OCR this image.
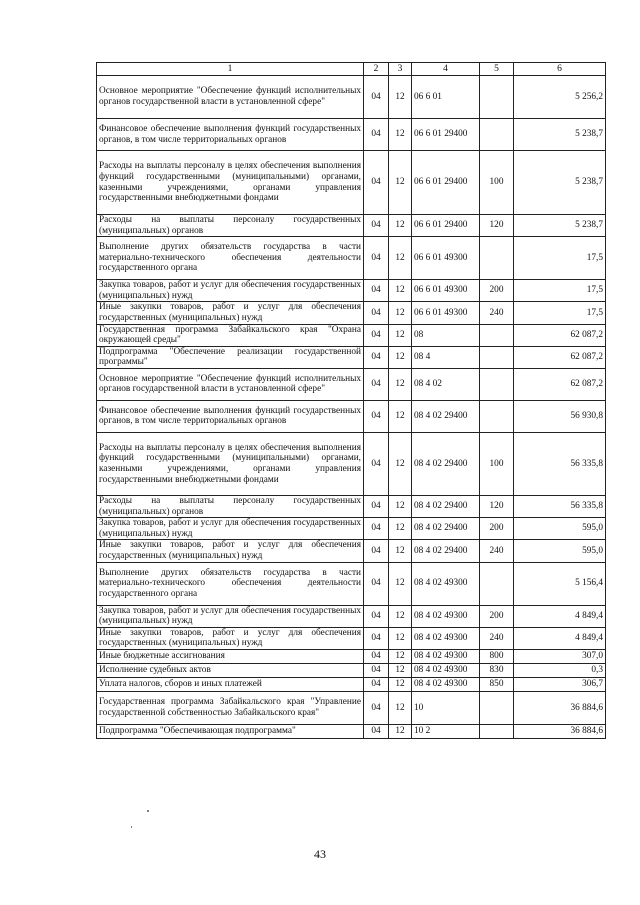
1	2	3	4	5	6
Основное мероприятие "Обеспечение функций исполнительных органов государственной власти в установленной сфере"	04	12	06 6 01		5 256,2
Финансовое обеспечение выполнения функций государственных органов, в том числе территориальных органов	04	12	06 6 01 29400		5 238,7
Расходы на выплаты персоналу в целях обеспечения выполнения функций государственными (муниципальными) органами, казенными учреждениями, органами управления государственными внебюджетными фондами	04	12	06 6 01 29400	100	5 238,7
Расходы на выплаты персоналу государственных (муниципальных) органов	04	12	06 6 01 29400	120	5 238,7
Выполнение других обязательств государства в части материально-технического обеспечения деятельности государственного органа	04	12	06 6 01 49300		17,5
Закупка товаров, работ и услуг для обеспечения государственных (муниципальных) нужд	04	12	06 6 01 49300	200	17,5
Иные закупки товаров, работ и услуг для обеспечения государственных (муниципальных) нужд	04	12	06 6 01 49300	240	17,5
Государственная программа Забайкальского края "Охрана окружающей среды"	04	12	08		62 087,2
Подпрограмма "Обеспечение реализации государственной программы"	04	12	08 4		62 087,2
Основное мероприятие "Обеспечение функций исполнительных органов государственной власти в установленной сфере"	04	12	08 4 02		62 087,2
Финансовое обеспечение выполнения функций государственных органов, в том числе территориальных органов	04	12	08 4 02 29400		56 930,8
Расходы на выплаты персоналу в целях обеспечения выполнения функций государственными (муниципальными) органами, казенными учреждениями, органами управления государственными внебюджетными фондами	04	12	08 4 02 29400	100	56 335,8
Расходы на выплаты персоналу государственных (муниципальных) органов	04	12	08 4 02 29400	120	56 335,8
Закупка товаров, работ и услуг для обеспечения государственных (муниципальных) нужд	04	12	08 4 02 29400	200	595,0
Иные закупки товаров, работ и услуг для обеспечения государственных (муниципальных) нужд	04	12	08 4 02 29400	240	595,0
Выполнение других обязательств государства в части материально-технического обеспечения деятельности государственного органа	04	12	08 4 02 49300		5 156,4
Закупка товаров, работ и услуг для обеспечения государственных (муниципальных) нужд	04	12	08 4 02 49300	200	4 849,4
Иные закупки товаров, работ и услуг для обеспечения государственных (муниципальных) нужд	04	12	08 4 02 49300	240	4 849,4
Иные бюджетные ассигнования	04	12	08 4 02 49300	800	307,0
Исполнение судебных актов	04	12	08 4 02 49300	830	0,3
Уплата налогов, сборов и иных платежей	04	12	08 4 02 49300	850	306,7
Государственная программа Забайкальского края "Управление государственной собственностью Забайкальского края"	04	12	10		36 884,6
Подпрограмма "Обеспечивающая подпрограмма"	04	12	10 2		36 884,6
43
